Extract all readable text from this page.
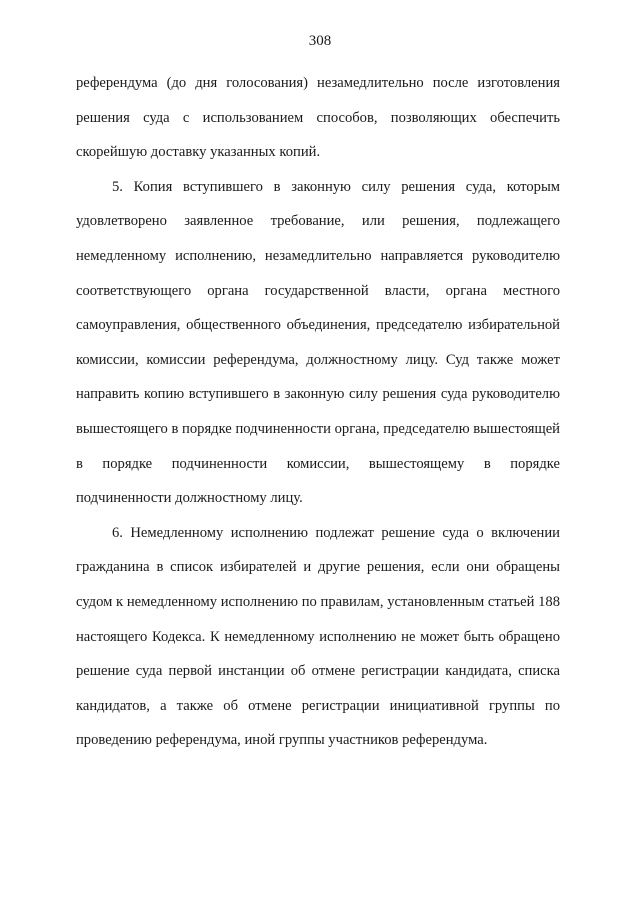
308

референдума (до дня голосования) незамедлительно после изготовления решения суда с использованием способов, позволяющих обеспечить скорейшую доставку указанных копий.

5. Копия вступившего в законную силу решения суда, которым удовлетворено заявленное требование, или решения, подлежащего немедленному исполнению, незамедлительно направляется руководителю соответствующего органа государственной власти, органа местного самоуправления, общественного объединения, председателю избирательной комиссии, комиссии референдума, должностному лицу. Суд также может направить копию вступившего в законную силу решения суда руководителю вышестоящего в порядке подчиненности органа, председателю вышестоящей в порядке подчиненности комиссии, вышестоящему в порядке подчиненности должностному лицу.

6. Немедленному исполнению подлежат решение суда о включении гражданина в список избирателей и другие решения, если они обращены судом к немедленному исполнению по правилам, установленным статьей 188 настоящего Кодекса. К немедленному исполнению не может быть обращено решение суда первой инстанции об отмене регистрации кандидата, списка кандидатов, а также об отмене регистрации инициативной группы по проведению референдума, иной группы участников референдума.
